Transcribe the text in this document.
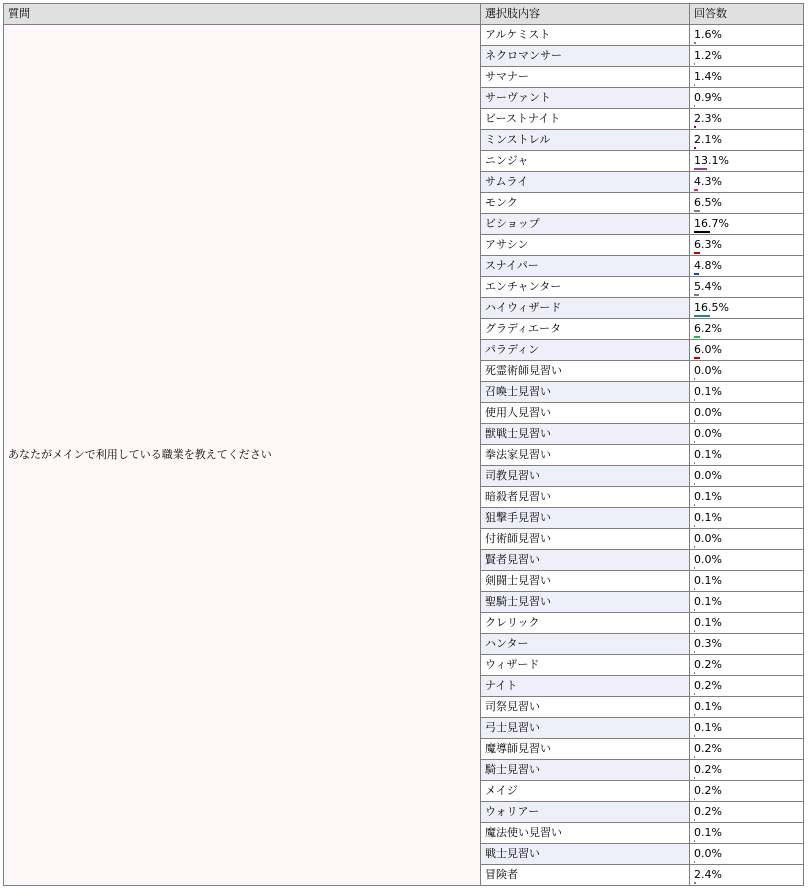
質問	選択肢内容	回答数
あなたがメインで利用している職業を教えてください	アルケミスト	1.6%

	ネクロマンサー	1.2%

	サマナー	1.4%

	サーヴァント	0.9%

	ビーストナイト	2.3%

	ミンストレル	2.1%

	ニンジャ	13.1%

	サムライ	4.3%

	モンク	6.5%

	ビショップ	16.7%

	アサシン	6.3%

	スナイパー	4.8%

	エンチャンター	5.4%

	ハイウィザード	16.5%

	グラディエータ	6.2%

	パラディン	6.0%

	死霊術師見習い	0.0%

	召喚士見習い	0.1%

	使用人見習い	0.0%

	獣戦士見習い	0.0%

	拳法家見習い	0.1%

	司教見習い	0.0%

	暗殺者見習い	0.1%

	狙撃手見習い	0.1%

	付術師見習い	0.0%

	賢者見習い	0.0%

	剣闘士見習い	0.1%

	聖騎士見習い	0.1%

	クレリック	0.1%

	ハンター	0.3%

	ウィザード	0.2%

	ナイト	0.2%

	司祭見習い	0.1%

	弓士見習い	0.1%

	魔導師見習い	0.2%

	騎士見習い	0.2%

	メイジ	0.2%

	ウォリアー	0.2%

	魔法使い見習い	0.1%

	戦士見習い	0.0%

	冒険者	2.4%
